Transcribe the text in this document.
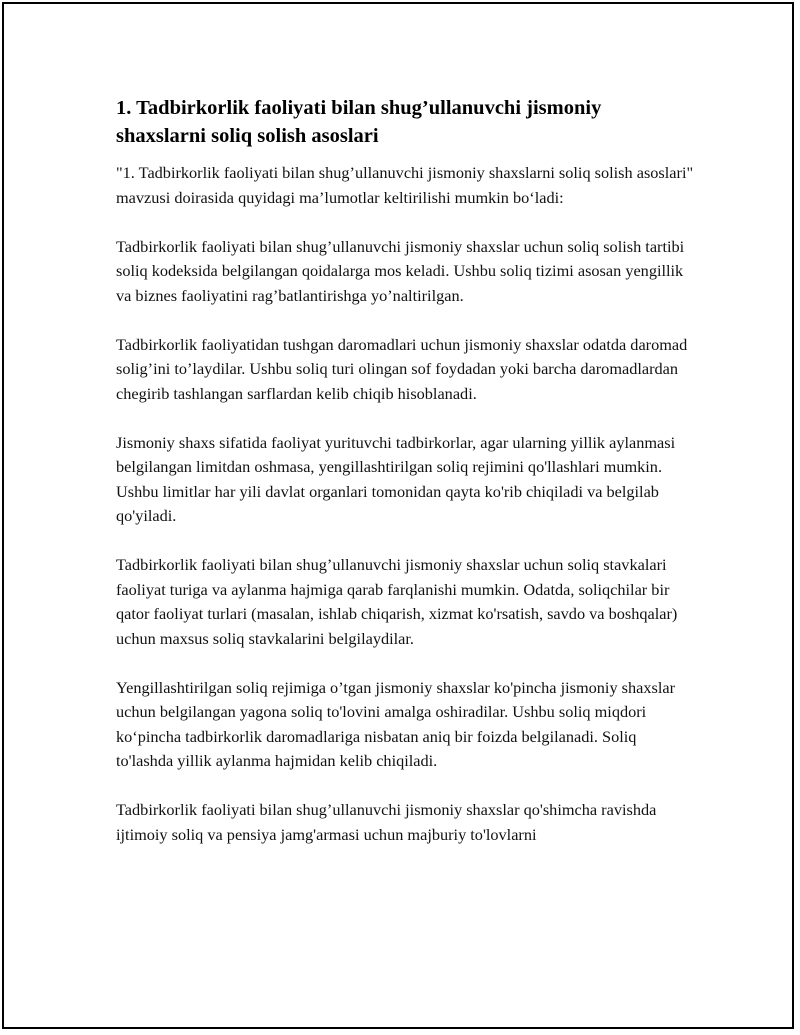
1. Tadbirkorlik faoliyati bilan shug’ullanuvchi jismoniy shaxslarni soliq solish asoslari

"1. Tadbirkorlik faoliyati bilan shug’ullanuvchi jismoniy shaxslarni soliq solish asoslari" mavzusi doirasida quyidagi ma’lumotlar keltirilishi mumkin bo‘ladi:

Tadbirkorlik faoliyati bilan shug’ullanuvchi jismoniy shaxslar uchun soliq solish tartibi soliq kodeksida belgilangan qoidalarga mos keladi. Ushbu soliq tizimi asosan yengillik va biznes faoliyatini rag’batlantirishga yo’naltirilgan.

Tadbirkorlik faoliyatidan tushgan daromadlari uchun jismoniy shaxslar odatda daromad solig’ini to’laydilar. Ushbu soliq turi olingan sof foydadan yoki barcha daromadlardan chegirib tashlangan sarflardan kelib chiqib hisoblanadi.

Jismoniy shaxs sifatida faoliyat yurituvchi tadbirkorlar, agar ularning yillik aylanmasi belgilangan limitdan oshmasa, yengillashtirilgan soliq rejimini qo'llashlari mumkin. Ushbu limitlar har yili davlat organlari tomonidan qayta ko'rib chiqiladi va belgilab qo'yiladi.

Tadbirkorlik faoliyati bilan shug’ullanuvchi jismoniy shaxslar uchun soliq stavkalari faoliyat turiga va aylanma hajmiga qarab farqlanishi mumkin. Odatda, soliqchilar bir qator faoliyat turlari (masalan, ishlab chiqarish, xizmat ko'rsatish, savdo va boshqalar) uchun maxsus soliq stavkalarini belgilaydilar.

Yengillashtirilgan soliq rejimiga o’tgan jismoniy shaxslar ko'pincha jismoniy shaxslar uchun belgilangan yagona soliq to'lovini amalga oshiradilar. Ushbu soliq miqdori ko‘pincha tadbirkorlik daromadlariga nisbatan aniq bir foizda belgilanadi. Soliq to'lashda yillik aylanma hajmidan kelib chiqiladi.

Tadbirkorlik faoliyati bilan shug’ullanuvchi jismoniy shaxslar qo'shimcha ravishda ijtimoiy soliq va pensiya jamg'armasi uchun majburiy to'lovlarni
